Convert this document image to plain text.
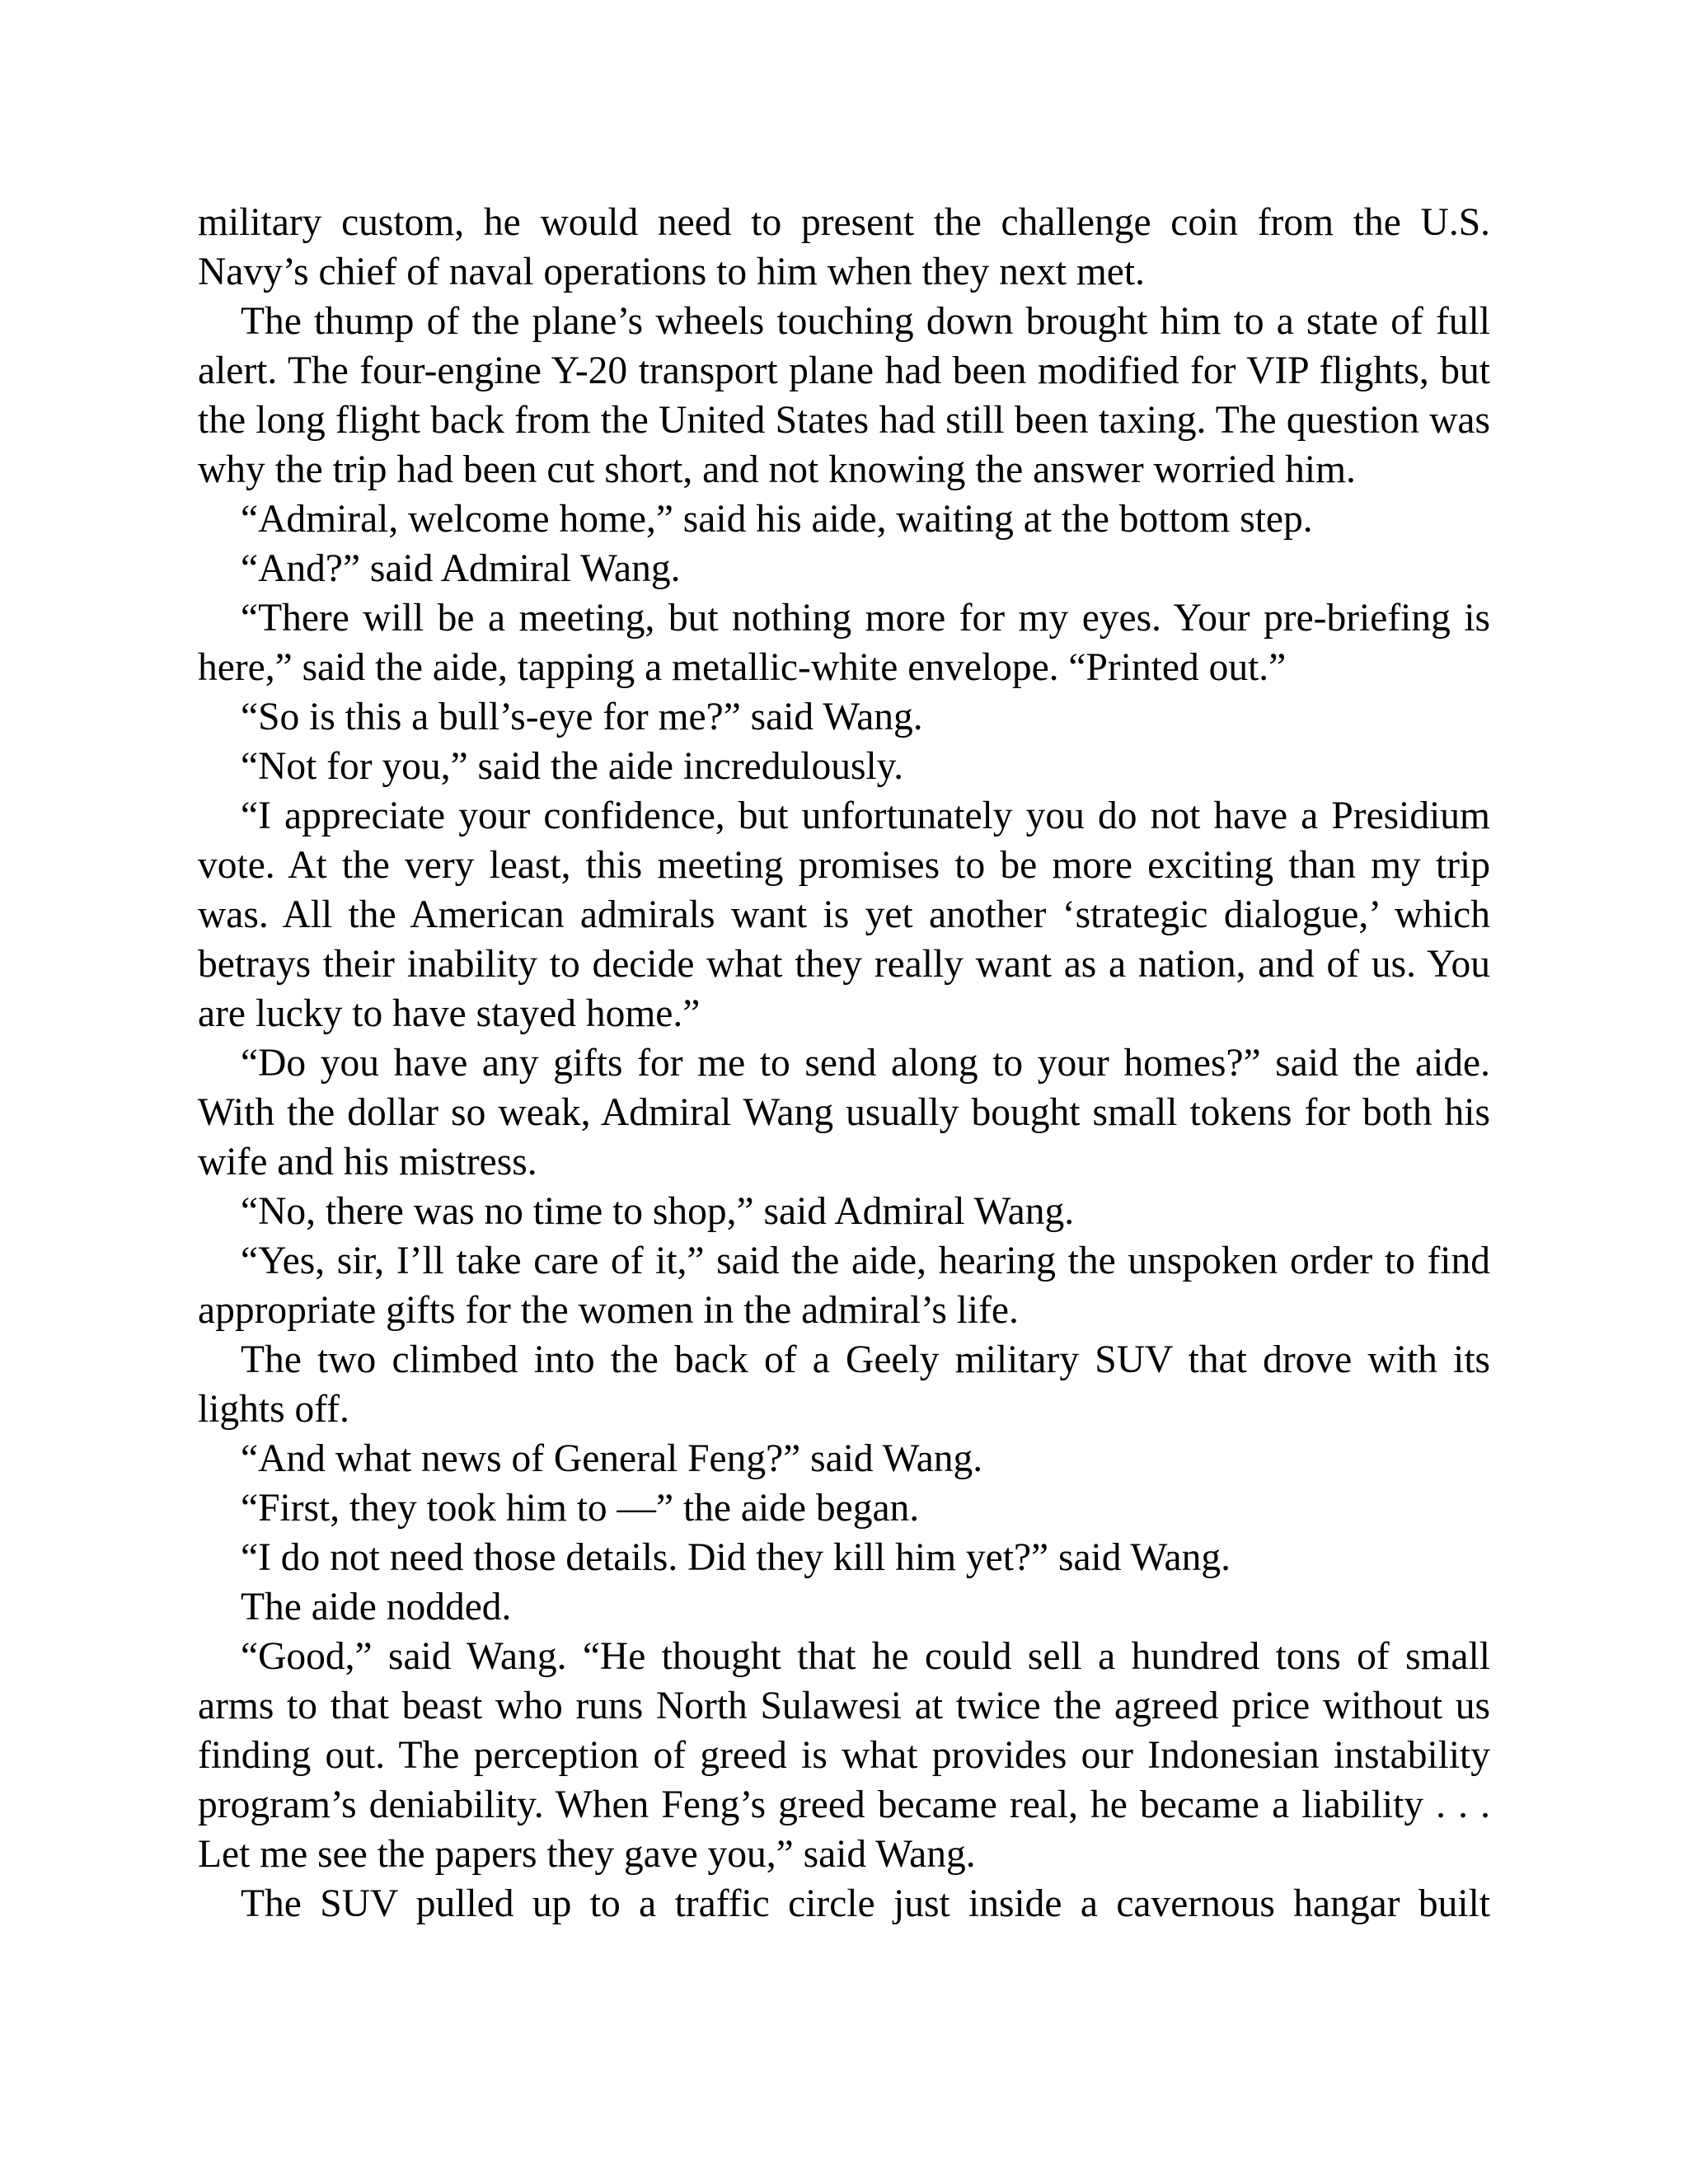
military custom, he would need to present the challenge coin from the U.S. Navy’s chief of naval operations to him when they next met.

The thump of the plane’s wheels touching down brought him to a state of full alert. The four-engine Y-20 transport plane had been modified for VIP flights, but the long flight back from the United States had still been taxing. The question was why the trip had been cut short, and not knowing the answer worried him.

“Admiral, welcome home,” said his aide, waiting at the bottom step.

“And?” said Admiral Wang.

“There will be a meeting, but nothing more for my eyes. Your pre-briefing is here,” said the aide, tapping a metallic-white envelope. “Printed out.”

“So is this a bull’s-eye for me?” said Wang.

“Not for you,” said the aide incredulously.

“I appreciate your confidence, but unfortunately you do not have a Presidium vote. At the very least, this meeting promises to be more exciting than my trip was. All the American admirals want is yet another ‘strategic dialogue,’ which betrays their inability to decide what they really want as a nation, and of us. You are lucky to have stayed home.”

“Do you have any gifts for me to send along to your homes?” said the aide. With the dollar so weak, Admiral Wang usually bought small tokens for both his wife and his mistress.

“No, there was no time to shop,” said Admiral Wang.

“Yes, sir, I’ll take care of it,” said the aide, hearing the unspoken order to find appropriate gifts for the women in the admiral’s life.

The two climbed into the back of a Geely military SUV that drove with its lights off.

“And what news of General Feng?” said Wang.

“First, they took him to —” the aide began.

“I do not need those details. Did they kill him yet?” said Wang.

The aide nodded.

“Good,” said Wang. “He thought that he could sell a hundred tons of small arms to that beast who runs North Sulawesi at twice the agreed price without us finding out. The perception of greed is what provides our Indonesian instability program’s deniability. When Feng’s greed became real, he became a liability . . . Let me see the papers they gave you,” said Wang.

The SUV pulled up to a traffic circle just inside a cavernous hangar built
